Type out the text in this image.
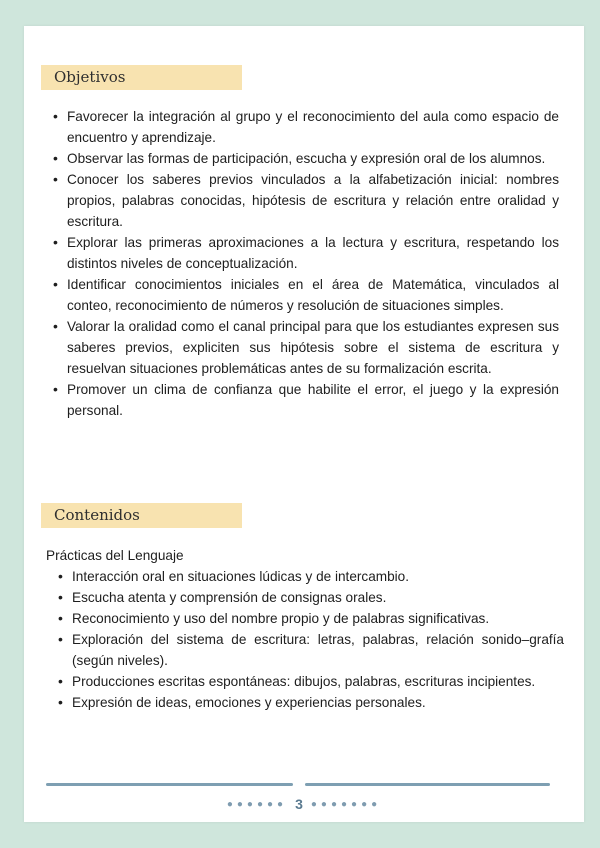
Objetivos
• Favorecer la integración al grupo y el reconocimiento del aula como espacio de encuentro y aprendizaje.
• Observar las formas de participación, escucha y expresión oral de los alumnos.
• Conocer los saberes previos vinculados a la alfabetización inicial: nombres propios, palabras conocidas, hipótesis de escritura y relación entre oralidad y escritura.
• Explorar las primeras aproximaciones a la lectura y escritura, respetando los distintos niveles de conceptualización.
• Identificar conocimientos iniciales en el área de Matemática, vinculados al conteo, reconocimiento de números y resolución de situaciones simples.
• Valorar la oralidad como el canal principal para que los estudiantes expresen sus saberes previos, expliciten sus hipótesis sobre el sistema de escritura y resuelvan situaciones problemáticas antes de su formalización escrita.
• Promover un clima de confianza que habilite el error, el juego y la expresión personal.
Contenidos
Prácticas del Lenguaje
• Interacción oral en situaciones lúdicas y de intercambio.
• Escucha atenta y comprensión de consignas orales.
• Reconocimiento y uso del nombre propio y de palabras significativas.
• Exploración del sistema de escritura: letras, palabras, relación sonido–grafía (según niveles).
• Producciones escritas espontáneas: dibujos, palabras, escrituras incipientes.
• Expresión de ideas, emociones y experiencias personales.
●●●●●● 3 ●●●●●●●
